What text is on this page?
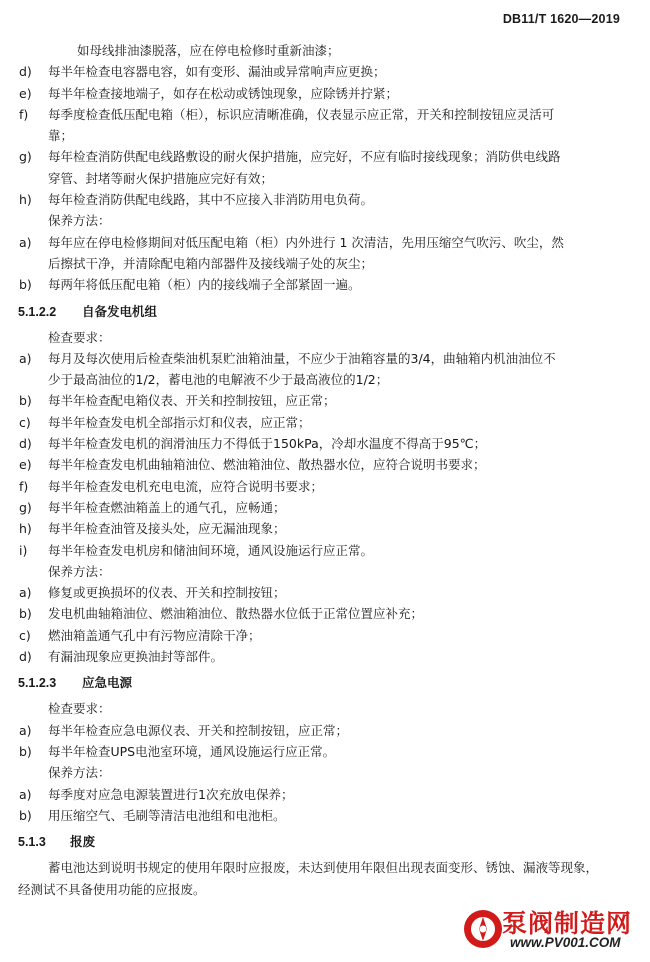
DB11/T 1620—2019
如母线排油漆脱落，应在停电检修时重新油漆；
d)	每半年检查电容器电容，如有变形、漏油或异常响声应更换；
e)	每半年检查接地端子，如存在松动或锈蚀现象，应除锈并拧紧；
f)	每季度检查低压配电箱（柜），标识应清晰准确，仪表显示应正常，开关和控制按钮应灵活可
靠；
g)	每年检查消防供配电线路敷设的耐火保护措施，应完好，不应有临时接线现象；消防供电线路
穿管、封堵等耐火保护措施应完好有效；
h)	每年检查消防供配电线路，其中不应接入非消防用电负荷。
保养方法：
a)	每年应在停电检修期间对低压配电箱（柜）内外进行 1 次清洁，先用压缩空气吹污、吹尘，然
后擦拭干净，并清除配电箱内部器件及接线端子处的灰尘；
b)	每两年将低压配电箱（柜）内的接线端子全部紧固一遍。
5.1.2.2 自备发电机组
检查要求：
a)	每月及每次使用后检查柴油机泵贮油箱油量，不应少于油箱容量的3/4，曲轴箱内机油油位不
少于最高油位的1/2，蓄电池的电解液不少于最高液位的1/2；
b)	每半年检查配电箱仪表、开关和控制按钮，应正常；
c)	每半年检查发电机全部指示灯和仪表，应正常；
d)	每半年检查发电机的润滑油压力不得低于150kPa，冷却水温度不得高于95℃；
e)	每半年检查发电机曲轴箱油位、燃油箱油位、散热器水位，应符合说明书要求；
f)	每半年检查发电机充电电流，应符合说明书要求；
g)	每半年检查燃油箱盖上的通气孔，应畅通；
h)	每半年检查油管及接头处，应无漏油现象；
i)	每半年检查发电机房和储油间环境，通风设施运行应正常。
保养方法：
a)	修复或更换损坏的仪表、开关和控制按钮；
b)	发电机曲轴箱油位、燃油箱油位、散热器水位低于正常位置应补充；
c)	燃油箱盖通气孔中有污物应清除干净；
d)	有漏油现象应更换油封等部件。
5.1.2.3 应急电源
检查要求：
a)	每半年检查应急电源仪表、开关和控制按钮，应正常；
b)	每半年检查UPS电池室环境，通风设施运行应正常。
保养方法：
a)	每季度对应急电源装置进行1次充放电保养；
b)	用压缩空气、毛刷等清洁电池组和电池柜。
5.1.3 报废
蓄电池达到说明书规定的使用年限时应报废，未达到使用年限但出现表面变形、锈蚀、漏液等现象，
经测试不具备使用功能的应报废。
泵阀制造网
www.PV001.COM
